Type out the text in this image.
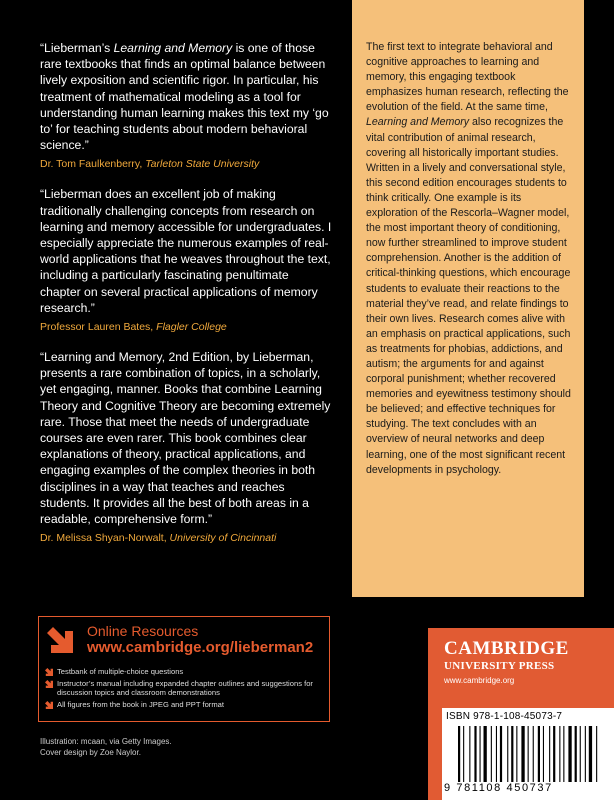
“Lieberman’s Learning and Memory is one of those rare textbooks that finds an optimal balance between lively exposition and scientific rigor. In particular, his treatment of mathematical modeling as a tool for understanding human learning makes this text my ‘go to’ for teaching students about modern behavioral science.”

Dr. Tom Faulkenberry, Tarleton State University

“Lieberman does an excellent job of making traditionally challenging concepts from research on learning and memory accessible for undergraduates. I especially appreciate the numerous examples of real-world applications that he weaves throughout the text, including a particularly fascinating penultimate chapter on several practical applications of memory research.”

Professor Lauren Bates, Flagler College

“Learning and Memory, 2nd Edition, by Lieberman, presents a rare combination of topics, in a scholarly, yet engaging, manner. Books that combine Learning Theory and Cognitive Theory are becoming extremely rare. Those that meet the needs of undergraduate courses are even rarer. This book combines clear explanations of theory, practical applications, and engaging examples of the complex theories in both disciplines in a way that teaches and reaches students. It provides all the best of both areas in a readable, comprehensive form.”

Dr. Melissa Shyan-Norwalt, University of Cincinnati

The first text to integrate behavioral and cognitive approaches to learning and memory, this engaging textbook emphasizes human research, reflecting the evolution of the field. At the same time, Learning and Memory also recognizes the vital contribution of animal research, covering all historically important studies. Written in a lively and conversational style, this second edition encourages students to think critically. One example is its exploration of the Rescorla–Wagner model, the most important theory of conditioning, now further streamlined to improve student comprehension. Another is the addition of critical-thinking questions, which encourage students to evaluate their reactions to the material they’ve read, and relate findings to their own lives. Research comes alive with an emphasis on practical applications, such as treatments for phobias, addictions, and autism; the arguments for and against corporal punishment; whether recovered memories and eyewitness testimony should be believed; and effective techniques for studying. The text concludes with an overview of neural networks and deep learning, one of the most significant recent developments in psychology.

Online Resources
www.cambridge.org/lieberman2
Testbank of multiple-choice questions
Instructor’s manual including expanded chapter outlines and suggestions for discussion topics and classroom demonstrations
All figures from the book in JPEG and PPT format
Illustration: mcaan, via Getty Images.
Cover design by Zoe Naylor.
CAMBRIDGE
UNIVERSITY PRESS
www.cambridge.org
ISBN 978-1-108-45073-7
9 781108 450737
